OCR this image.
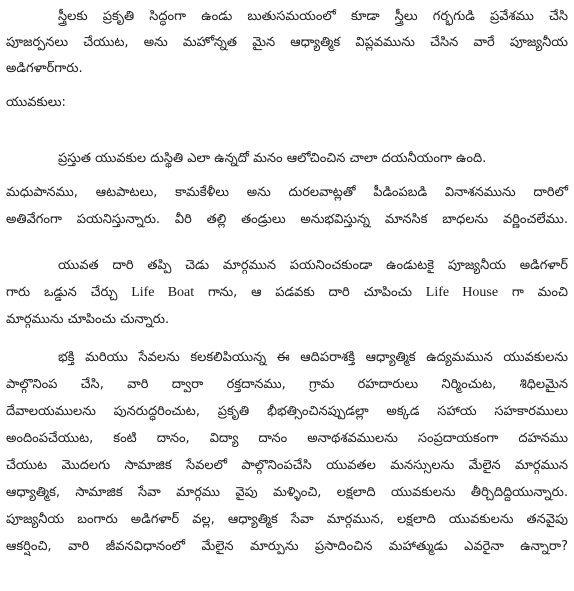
స్త్రీలకు ప్రకృతి సిద్ధంగా ఉండు బుతుసమయంలో కూడా స్త్రీలు గర్భగుడి ప్రవేశము చేసి
పూజర్పనలు చేయుట, అను మహోన్నత మైన ఆధ్యాత్మిక విప్లవమును చేసిన వారే పూజ్యనీయ
అడిగళార్‌గారు.
యువకులు:
ప్రస్తుత యువకుల దుస్థితి ఎలా ఉన్నదో మనం ఆలోచించిన చాలా దయనీయంగా ఉంది.
మధుపానము, ఆటపాటలు, కామకేళీలు అను దురలవాట్లతో పీడింపబడి వినాశనమును దారిలో
అతివేగంగా పయనిస్తున్నారు. వీరి తల్లి తండ్రులు అనుభవిస్తున్న మానసిక బాధలను వర్ణించలేము.
యువత దారి తప్పి చెడు మార్గమున పయనించకుండా ఉండుటకై పూజ్యనీయ అడిగళార్
గారు ఒడ్డున చేర్చు Life Boat గాను, ఆ పడవకు దారి చూపించు Life House గా మంచి
మార్గమును చూపించు చున్నారు.
భక్తి మరియు సేవలను కలకలిపియున్న ఈ ఆదిపరాశక్తి ఆధ్యాత్మిక ఉద్యమమున యువకులను
పాల్గొనింప చేసి, వారి ద్వారా రక్తదానము, గ్రామ రహదారులు నిర్మించుట, శిధిలమైన
దేవాలయములను పునరుద్ధరించుట, ప్రకృతి భీభత్సించినప్పుడల్లా అక్కడ సహాయ సహకారములు
అందింపచేయుట, కంటి దానం, విద్యా దానం అనాథశవములను సంప్రదాయకంగా దహనము
చేయుట మొదలగు సామాజిక సేవలలో పాల్గొనింపచేసి యువతల మనస్సులను మేలైన మార్గమున
ఆధ్యాత్మిక, సామాజిక సేవా మార్గము వైపు మళ్ళించి, లక్షలాది యువకులను తీర్చిదిద్దియున్నారు.
పూజ్యనీయ బంగారు అడిగళార్ వల్ల, ఆధ్యాత్మిక సేవా మార్గమున, లక్షలాది యువకులను తనవైపు
ఆకర్షించి, వారి జీవనవిధానంలో మేలైన మార్పును ప్రసాదించిన మహాత్ముడు ఎవరైనా ఉన్నారా?
